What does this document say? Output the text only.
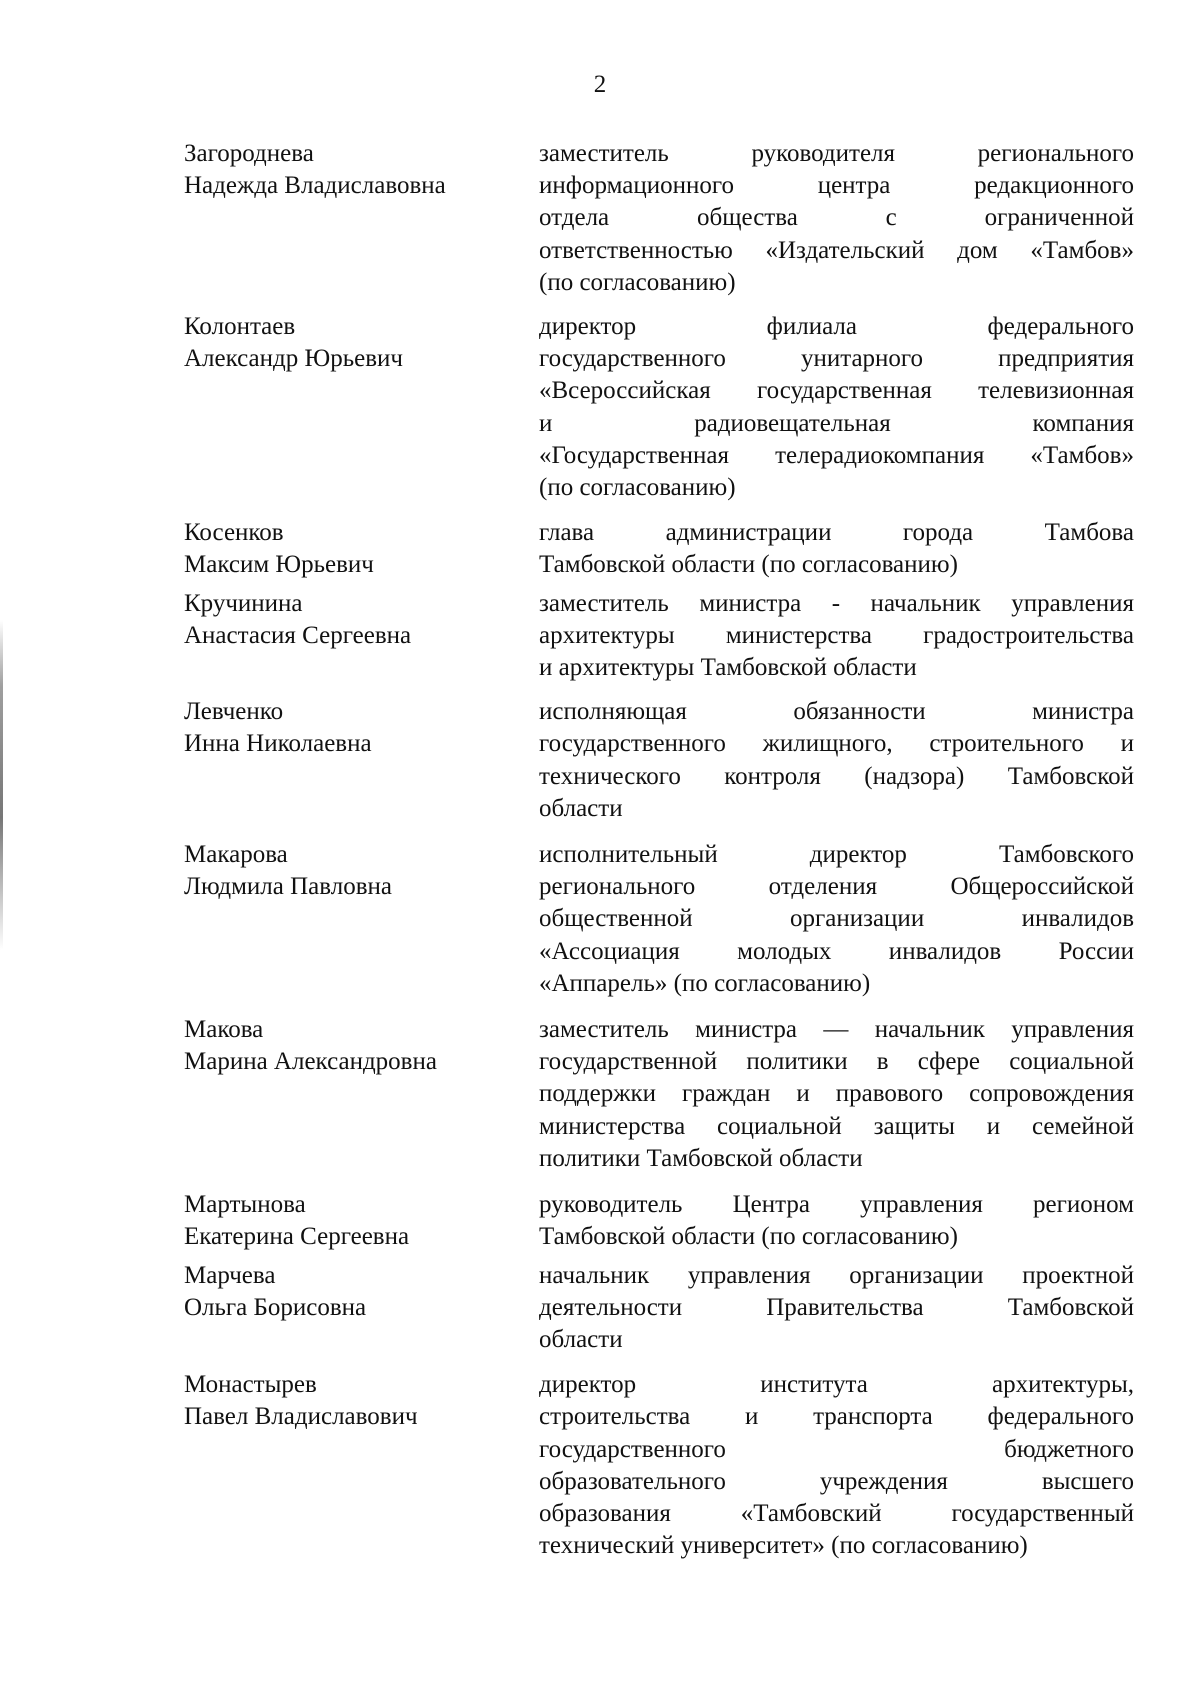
2
Загороднева
Надежда Владиславовна
заместитель руководителя регионального
информационного центра редакционного
отдела общества с ограниченной
ответственностью «Издательский дом «Тамбов»
(по согласованию)
Колонтаев
Александр Юрьевич
директор филиала федерального
государственного унитарного предприятия
«Всероссийская государственная телевизионная
и радиовещательная компания
«Государственная телерадиокомпания «Тамбов»
(по согласованию)
Косенков
Максим Юрьевич
глава администрации города Тамбова
Тамбовской области (по согласованию)
Кручинина
Анастасия Сергеевна
заместитель министра - начальник управления
архитектуры министерства градостроительства
и архитектуры Тамбовской области
Левченко
Инна Николаевна
исполняющая обязанности министра
государственного жилищного, строительного и
технического контроля (надзора) Тамбовской
области
Макарова
Людмила Павловна
исполнительный директор Тамбовского
регионального отделения Общероссийской
общественной организации инвалидов
«Ассоциация молодых инвалидов России
«Аппарель» (по согласованию)
Макова
Марина Александровна
заместитель министра — начальник управления
государственной политики в сфере социальной
поддержки граждан и правового сопровождения
министерства социальной защиты и семейной
политики Тамбовской области
Мартынова
Екатерина Сергеевна
руководитель Центра управления регионом
Тамбовской области (по согласованию)
Марчева
Ольга Борисовна
начальник управления организации проектной
деятельности Правительства Тамбовской
области
Монастырев
Павел Владиславович
директор института архитектуры,
строительства и транспорта федерального
государственного бюджетного
образовательного учреждения высшего
образования «Тамбовский государственный
технический университет» (по согласованию)
